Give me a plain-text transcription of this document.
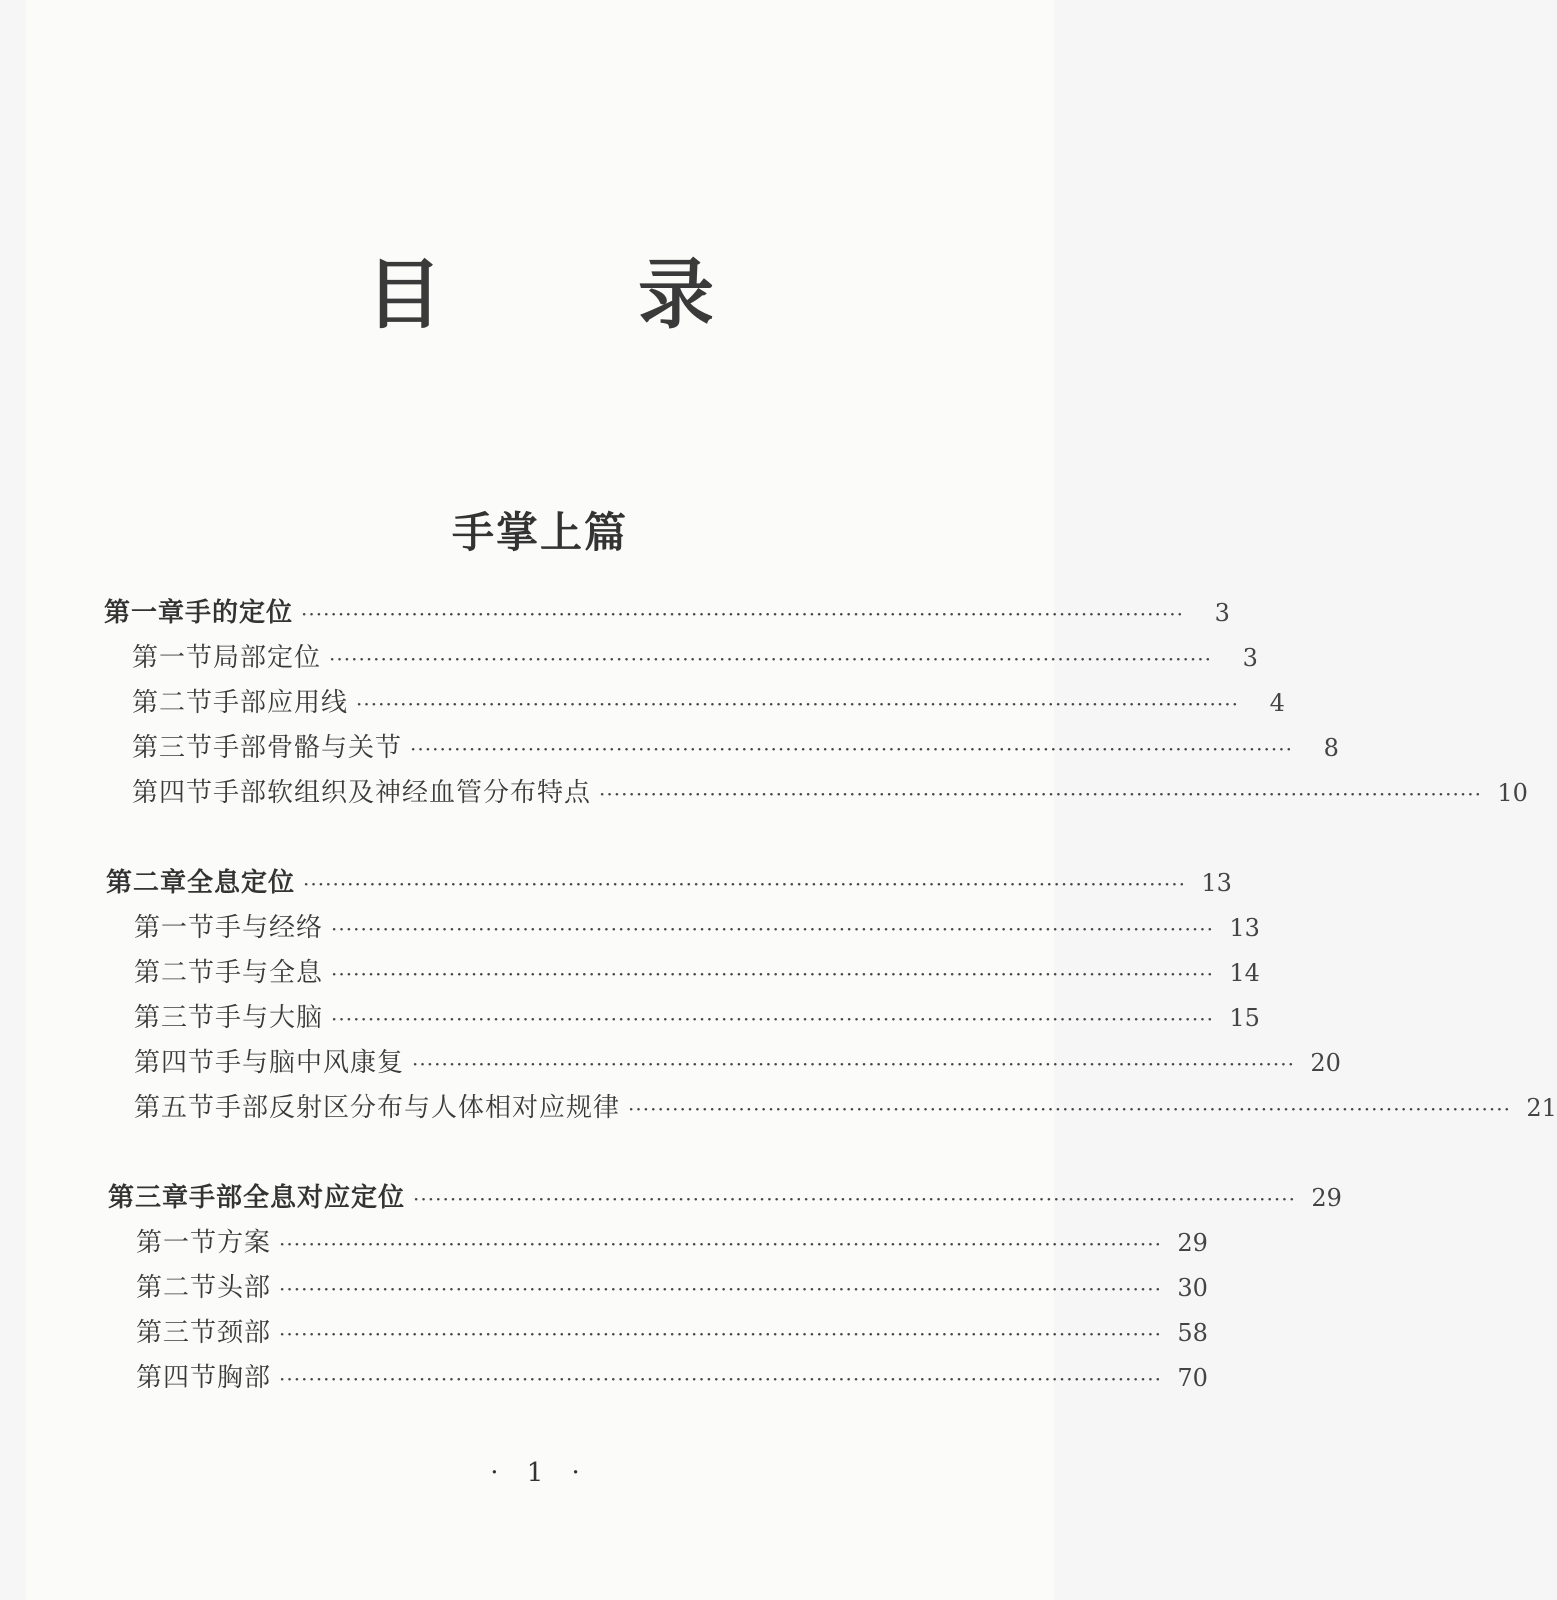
目　录
手掌上篇
第一章 手的定位 ························································································································	3
第一节 局部定位 ························································································································	3
第二节 手部应用线 ························································································································	4
第三节 手部骨骼与关节 ························································································································	8
第四节 手部软组织及神经血管分布特点 ························································································································ 10
第二章 全息定位 ························································································································ 13
第一节 手与经络 ························································································································ 13
第二节 手与全息 ························································································································ 14
第三节 手与大脑 ························································································································ 15
第四节 手与脑中风康复 ························································································································ 20
第五节 手部反射区分布与人体相对应规律 ························································································································ 21
第三章 手部全息对应定位 ························································································································ 29
第一节 方案 ························································································································ 29
第二节 头部 ························································································································ 30
第三节 颈部 ························································································································ 58
第四节 胸部 ························································································································ 70
· 1 ·
